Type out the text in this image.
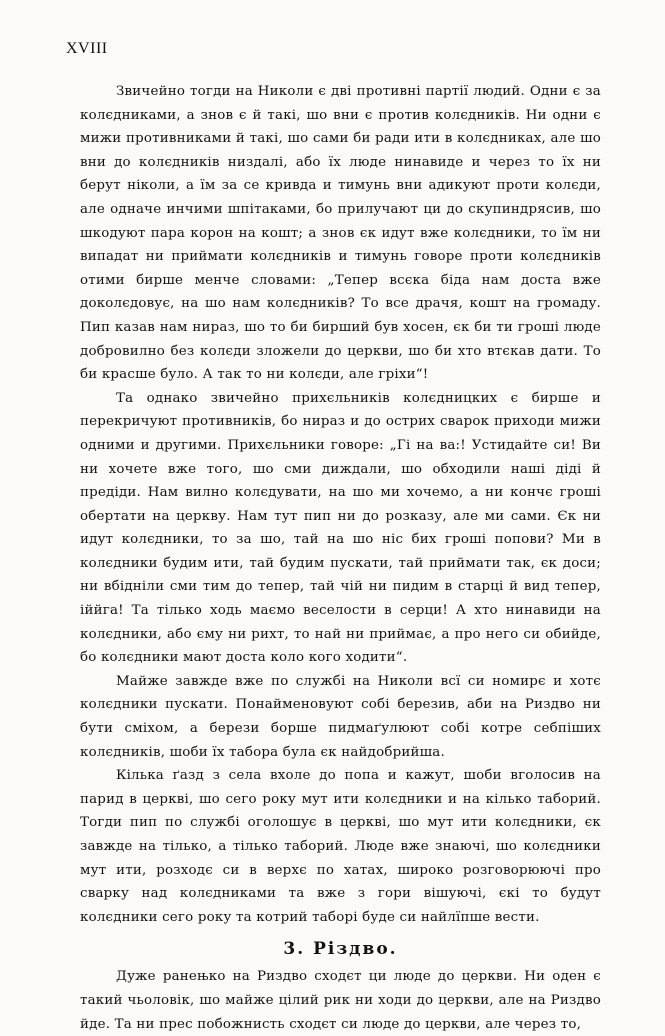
XVIII

Звичейно тогди на Николи є дві противні партії людий. Одни є за колєдниками, а знов є й такі, шо вни є против колєдників. Ни одни є мижи противниками й такі, шо сами би ради ити в колєдниках, але шо вни до колєдників низдалі, або їх люде нинавиде и через то їх ни берут ніколи, а їм за се кривда и тимунь вни адикуют проти колєди, але одначе инчими шпітаками, бо прилучают ци до скупиндрясив, шо шкодуют пара корон на кошт; а знов єк идут вже колєдники, то їм ни випадат ни приймати колєдників и тимунь говоре проти колєдників отими бирше менче словами: „Тепер всєка біда нам доста вже доколєдовує, на шо нам колєдників? То все драчя, кошт на громаду. Пип казав нам нираз, шо то би бирший був хосен, єк би ти гроші люде добровилно без колєди зложели до церкви, шо би хто втєкав дати. То би красше було. А так то ни колєди, але гріхи“!

Та однако звичейно прихєльників колєдницких є бирше и перекричуют противників, бо нираз и до острих сварок приходи мижи одними и другими. Прихєльники говоре: „Гі на ва:! Устидайте си! Ви ни хочете вже того, шо сми диждали, шо обходили наші діді й предіди. Нам вилно колєдувати, на шо ми хочемо, а ни кончє гроші обертати на церкву. Нам тут пип ни до розказу, але ми сами. Єк ни идут колєдники, то за шо, тай на шо ніс бих гроші попови? Ми в колєдники будим ити, тай будим пускати, тай приймати так, єк доси; ни вбідніли сми тим до тепер, тай чій ни пидим в старці й вид тепер, іййга! Та тілько ходь маємо веселости в серци! А хто нинавиди на колєдники, або єму ни рихт, то най ни приймає, а про него си обийде, бо колєдники мают доста коло кого ходити“.

Майже завжде вже по службі на Николи всї си номирє и хотє колєдники пускати. Понайменовуют собі березив, аби на Риздво ни бути сміхом, а берези борше пидмаґулюют собі котре себпіших колєдників, шоби їх табора була єк найдобрийша.

Кілька ґазд з села вхоле до попа и кажут, шоби вголосив на парид в церкві, шо сего року мут ити колєдники и на кілько таборий. Тогди пип по службі оголошує в церкві, шо мут ити колєдники, єк завжде на тілько, а тілько таборий. Люде вже знаючі, шо колєдники мут ити, розходє си в верхє по хатах, широко розговорюючі про сварку над колєдниками та вже з гори вішуючі, єкі то будут колєдники сего року та котрий таборі буде си найлїпше вести.

3. Різдво.

Дуже ранењко на Риздво сходєт ци люде до церкви. Ни оден є такий чьоловік, шо майже цілий рик ни ходи до церкви, але на Риздво йде. Та ни прес побожнисть сходєт си люде до церкви, але через то,
